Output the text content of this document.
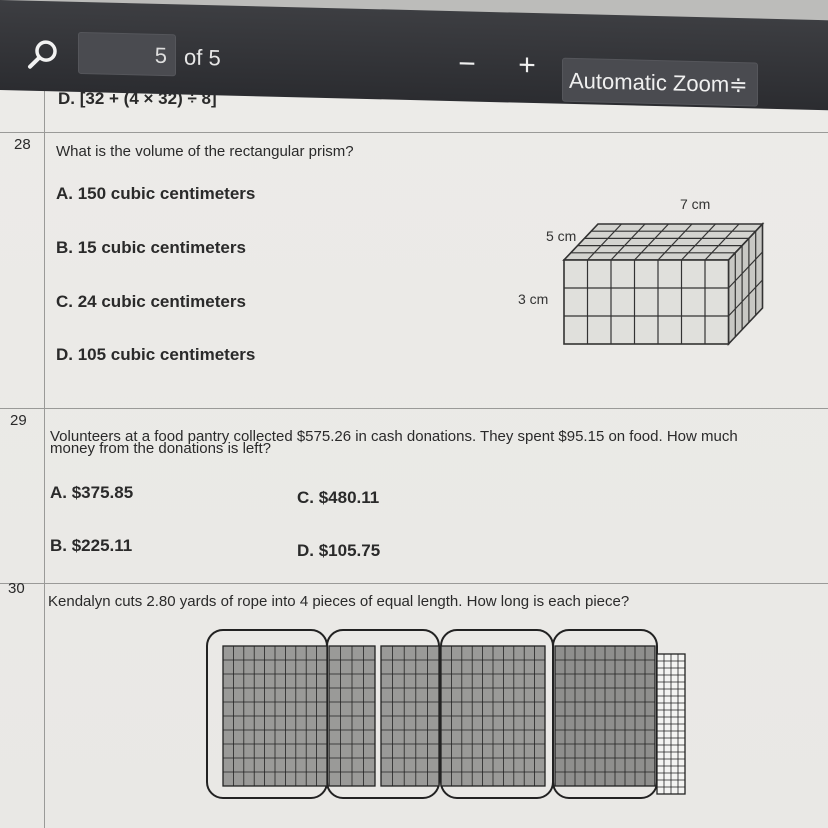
D. [32 + (4 × 32) ÷ 8]
28 What is the volume of the rectangular prism?
A. 150 cubic centimeters
B. 15 cubic centimeters
C. 24 cubic centimeters
D. 105 cubic centimeters
7 cm
5 cm
3 cm
29
Volunteers at a food pantry collected $575.26 in cash donations. They spent $95.15 on food. How much
money from the donations is left?
A. $375.85	C. $480.11
B. $225.11	D. $105.75
30
Kendalyn cuts 2.80 yards of rope into 4 pieces of equal length. How long is each piece?
5 of 5	− +
Automatic Zoom≑
